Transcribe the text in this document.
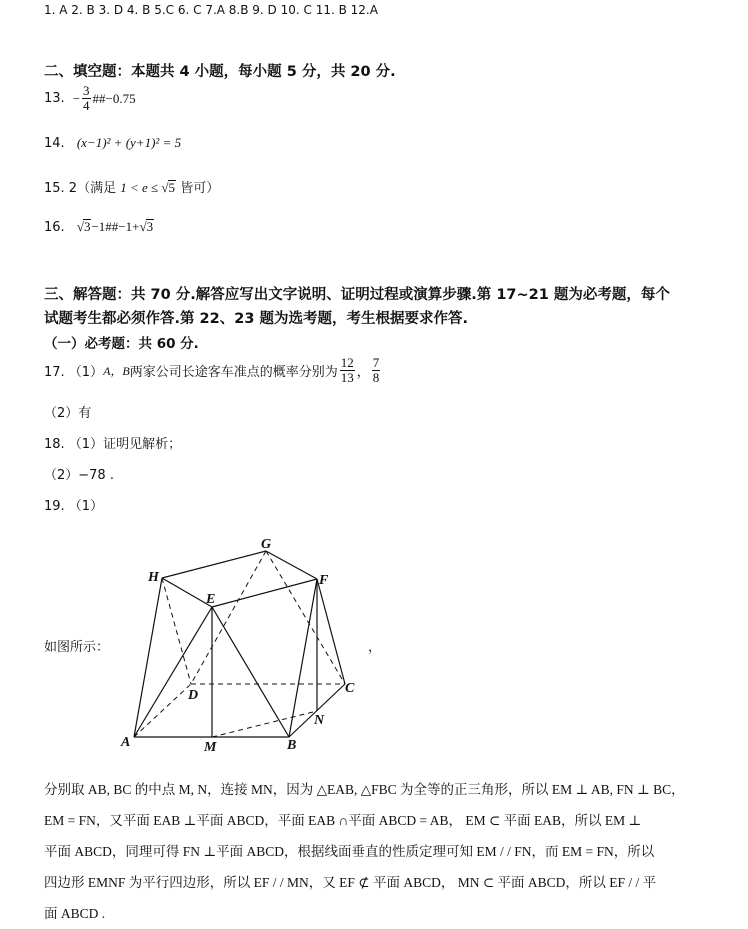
1. A 2. B 3. D 4. B 5.C 6. C 7.A 8.B 9. D 10. C 11. B 12.A
二、填空题：本题共 4 小题，每小题 5 分，共 20 分.
13. − $\frac{3}{4}$ ##−0.75
14. (x−1)² + (y+1)² = 5
15. 2（满足 1 < e ≤ √5 皆可）
16. √3−1##−1+√3
三、解答题：共 70 分.解答应写出文字说明、证明过程或演算步骤.第 17~21 题为必考题，每个
试题考生都必须作答.第 22、23 题为选考题，考生根据要求作答.
（一）必考题：共 60 分.
17. （1） A，B 两家公司长途客车准点的概率分别为 $\frac{12}{13}$ ， $\frac{7}{8}$
（2）有
18. （1）证明见解析；
（2）−78 .
19. （1）
如图所示：	，
G
H	F
E
D	C
N
A	M	B
分别取 AB, BC 的中点 M, N，连接 MN，因为 △EAB, △FBC 为全等的正三角形，所以 EM ⊥ AB, FN ⊥ BC，
EM = FN，又平面 EAB ⊥平面 ABCD，平面 EAB ∩平面 ABCD = AB， EM ⊂ 平面 EAB，所以 EM ⊥
平面 ABCD，同理可得 FN ⊥平面 ABCD，根据线面垂直的性质定理可知 EM / / FN，而 EM = FN，所以
四边形 EMNF 为平行四边形，所以 EF / / MN，又 EF ⊄ 平面 ABCD， MN ⊂ 平面 ABCD，所以 EF / / 平
面 ABCD .
